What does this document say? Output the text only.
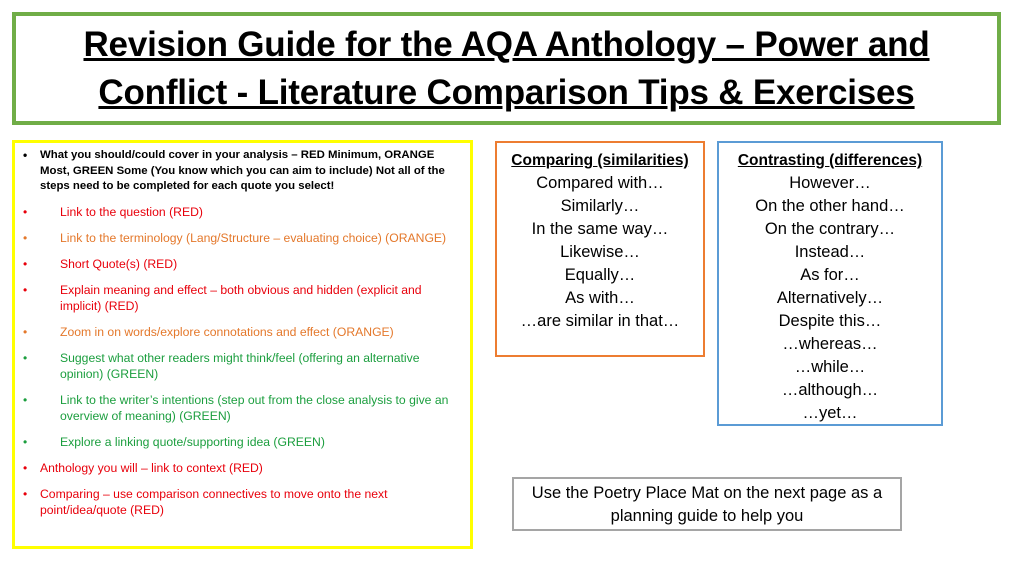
Revision Guide for the AQA Anthology – Power and
Conflict - Literature Comparison Tips & Exercises
• What you should/could cover in your analysis – RED Minimum, ORANGE Most, GREEN Some (You know which you can aim to include) Not all of the steps need to be completed for each quote you select!
•	Link to the question (RED)
•	Link to the terminology (Lang/Structure – evaluating choice) (ORANGE)
•	Short Quote(s) (RED)
•	Explain meaning and effect – both obvious and hidden (explicit and implicit) (RED)
•	Zoom in on words/explore connotations and effect (ORANGE)
•	Suggest what other readers might think/feel (offering an alternative opinion) (GREEN)
•	Link to the writer’s intentions (step out from the close analysis to give an overview of meaning) (GREEN)
•	Explore a linking quote/supporting idea (GREEN)
• Anthology you will – link to context (RED)
• Comparing – use comparison connectives to move onto the next point/idea/quote (RED)
Comparing (similarities)
Compared with…
Similarly…
In the same way…
Likewise…
Equally…
As with…
…are similar in that…
Contrasting (differences)
However…
On the other hand…
On the contrary…
Instead…
As for…
Alternatively…
Despite this…
…whereas…
…while…
…although…
…yet…
Use the Poetry Place Mat on the next page as a
planning guide to help you
